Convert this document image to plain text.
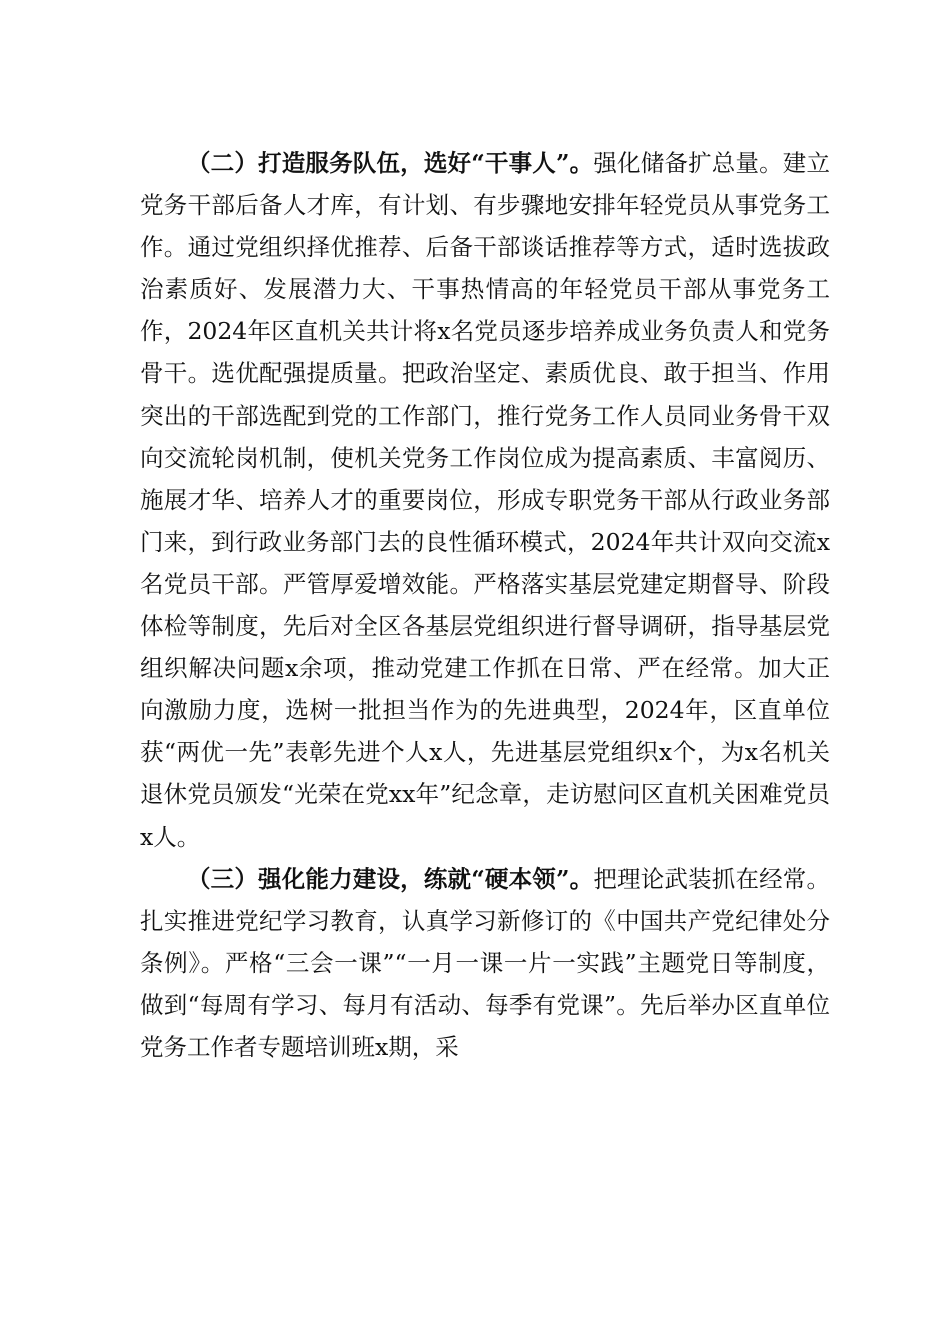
（二）打造服务队伍，选好“干事人”。强化储备扩总量。建立党务干部后备人才库，有计划、有步骤地安排年轻党员从事党务工作。通过党组织择优推荐、后备干部谈话推荐等方式，适时选拔政治素质好、发展潜力大、干事热情高的年轻党员干部从事党务工作，2024年区直机关共计将x名党员逐步培养成业务负责人和党务骨干。选优配强提质量。把政治坚定、素质优良、敢于担当、作用突出的干部选配到党的工作部门，推行党务工作人员同业务骨干双向交流轮岗机制，使机关党务工作岗位成为提高素质、丰富阅历、施展才华、培养人才的重要岗位，形成专职党务干部从行政业务部门来，到行政业务部门去的良性循环模式，2024年共计双向交流x名党员干部。严管厚爱增效能。严格落实基层党建定期督导、阶段体检等制度，先后对全区各基层党组织进行督导调研，指导基层党组织解决问题x余项，推动党建工作抓在日常、严在经常。加大正向激励力度，选树一批担当作为的先进典型，2024年，区直单位获“两优一先”表彰先进个人x人，先进基层党组织x个，为x名机关退休党员颁发“光荣在党xx年”纪念章，走访慰问区直机关困难党员x人。

（三）强化能力建设，练就“硬本领”。把理论武装抓在经常。扎实推进党纪学习教育，认真学习新修订的《中国共产党纪律处分条例》。严格“三会一课”“一月一课一片一实践”主题党日等制度，做到“每周有学习、每月有活动、每季有党课”。先后举办区直单位党务工作者专题培训班x期，采
